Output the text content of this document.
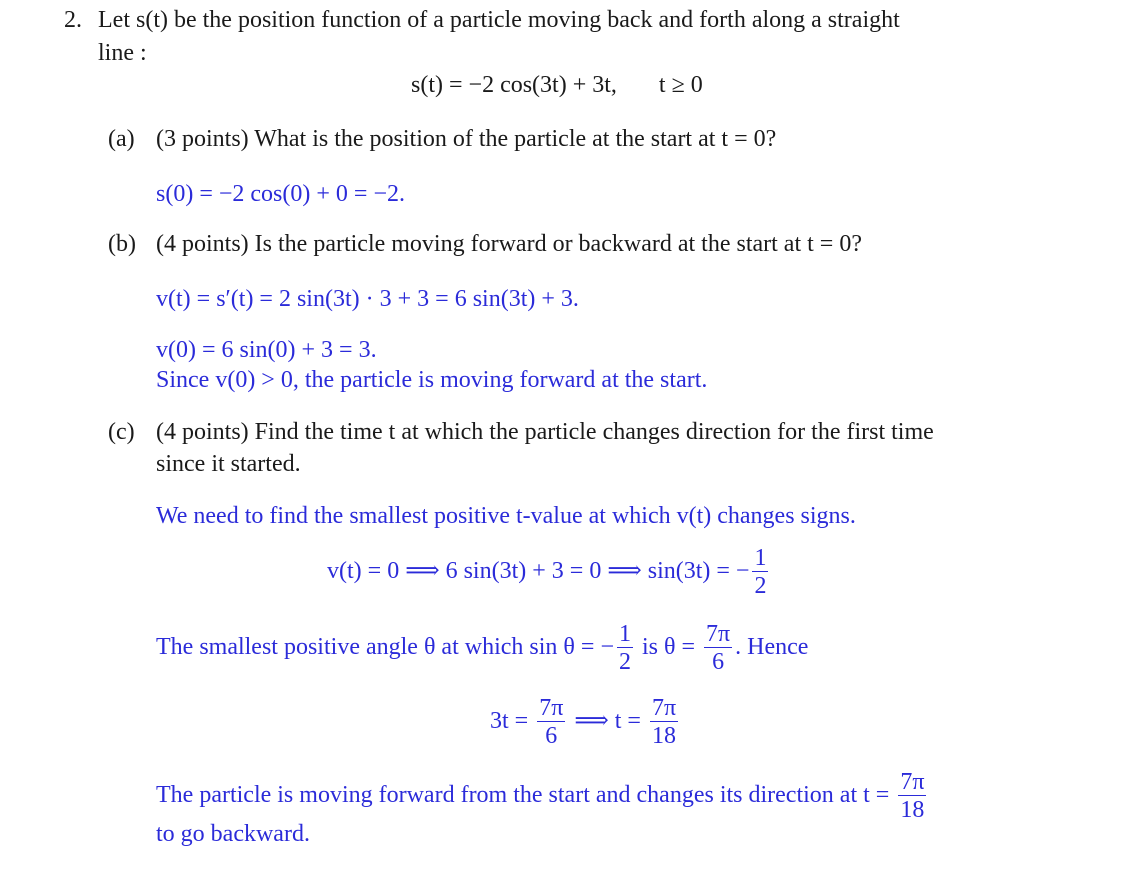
2. Let s(t) be the position function of a particle moving back and forth along a straight
line :
s(t) = −2 cos(3t) + 3t, t ≥ 0
(a) (3 points) What is the position of the particle at the start at t = 0?
s(0) = −2 cos(0) + 0 = −2.
(b) (4 points) Is the particle moving forward or backward at the start at t = 0?
v(t) = s′(t) = 2 sin(3t) · 3 + 3 = 6 sin(3t) + 3.
v(0) = 6 sin(0) + 3 = 3.
Since v(0) > 0, the particle is moving forward at the start.
(c) (4 points) Find the time t at which the particle changes direction for the first time
since it started.
We need to find the smallest positive t-value at which v(t) changes signs.
v(t) = 0 ⟹ 6 sin(3t) + 3 = 0 ⟹ sin(3t) = − $\frac{1}{2}$
The smallest positive angle θ at which sin θ = − $\frac{1}{2}$ is $\theta = \frac{7\pi}{6}$ . Hence
$3t = \frac{7\pi}{6}$ ⟹ $t = \frac{7\pi}{18}$
The particle is moving forward from the start and changes its direction at $t = \frac{7\pi}{18}$
to go backward.
